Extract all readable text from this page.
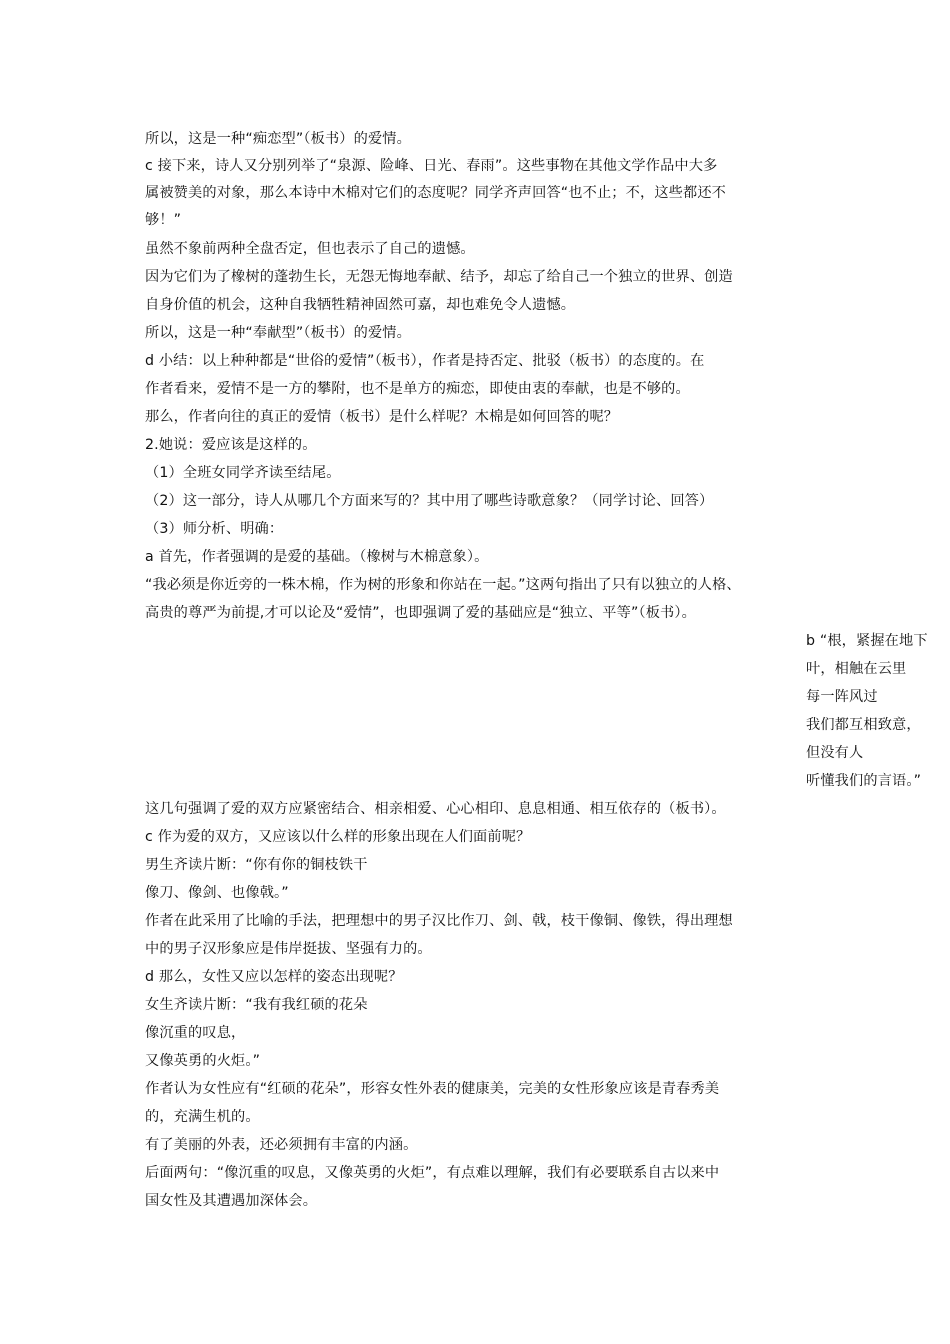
所以，这是一种“痴恋型”（板书）的爱情。
c 接下来，诗人又分别列举了“泉源、险峰、日光、春雨”。这些事物在其他文学作品中大多
属被赞美的对象，那么本诗中木棉对它们的态度呢？同学齐声回答“也不止；不，这些都还不
够！”
虽然不象前两种全盘否定，但也表示了自己的遗憾。
因为它们为了橡树的蓬勃生长，无怨无悔地奉献、结予，却忘了给自己一个独立的世界、创造
自身价值的机会，这种自我牺牲精神固然可嘉，却也难免令人遗憾。
所以，这是一种“奉献型”（板书）的爱情。
d 小结：以上种种都是“世俗的爱情”（板书），作者是持否定、批驳（板书）的态度的。在
作者看来，爱情不是一方的攀附，也不是单方的痴恋，即使由衷的奉献，也是不够的。
那么，作者向往的真正的爱情（板书）是什么样呢？木棉是如何回答的呢？
2.她说：爱应该是这样的。
（1）全班女同学齐读至结尾。
（2）这一部分，诗人从哪几个方面来写的？其中用了哪些诗歌意象？（同学讨论、回答）
（3）师分析、明确：
a 首先，作者强调的是爱的基础。（橡树与木棉意象）。
“我必须是你近旁的一株木棉，作为树的形象和你站在一起。”这两句指出了只有以独立的人格、
高贵的尊严为前提,才可以论及“爱情”，也即强调了爱的基础应是“独立、平等”（板书）。
b “根，紧握在地下
叶，相触在云里
每一阵风过
我们都互相致意，
但没有人
听懂我们的言语。”
这几句强调了爱的双方应紧密结合、相亲相爱、心心相印、息息相通、相互依存的（板书）。
c 作为爱的双方，又应该以什么样的形象出现在人们面前呢？
男生齐读片断：“你有你的铜枝铁干
像刀、像剑、也像戟。”
作者在此采用了比喻的手法，把理想中的男子汉比作刀、剑、戟，枝干像铜、像铁，得出理想
中的男子汉形象应是伟岸挺拔、坚强有力的。
d 那么，女性又应以怎样的姿态出现呢？
女生齐读片断：“我有我红硕的花朵
像沉重的叹息，
又像英勇的火炬。”
作者认为女性应有“红硕的花朵”，形容女性外表的健康美，完美的女性形象应该是青春秀美
的，充满生机的。
有了美丽的外表，还必须拥有丰富的内涵。
后面两句：“像沉重的叹息，又像英勇的火炬”，有点难以理解，我们有必要联系自古以来中
国女性及其遭遇加深体会。
